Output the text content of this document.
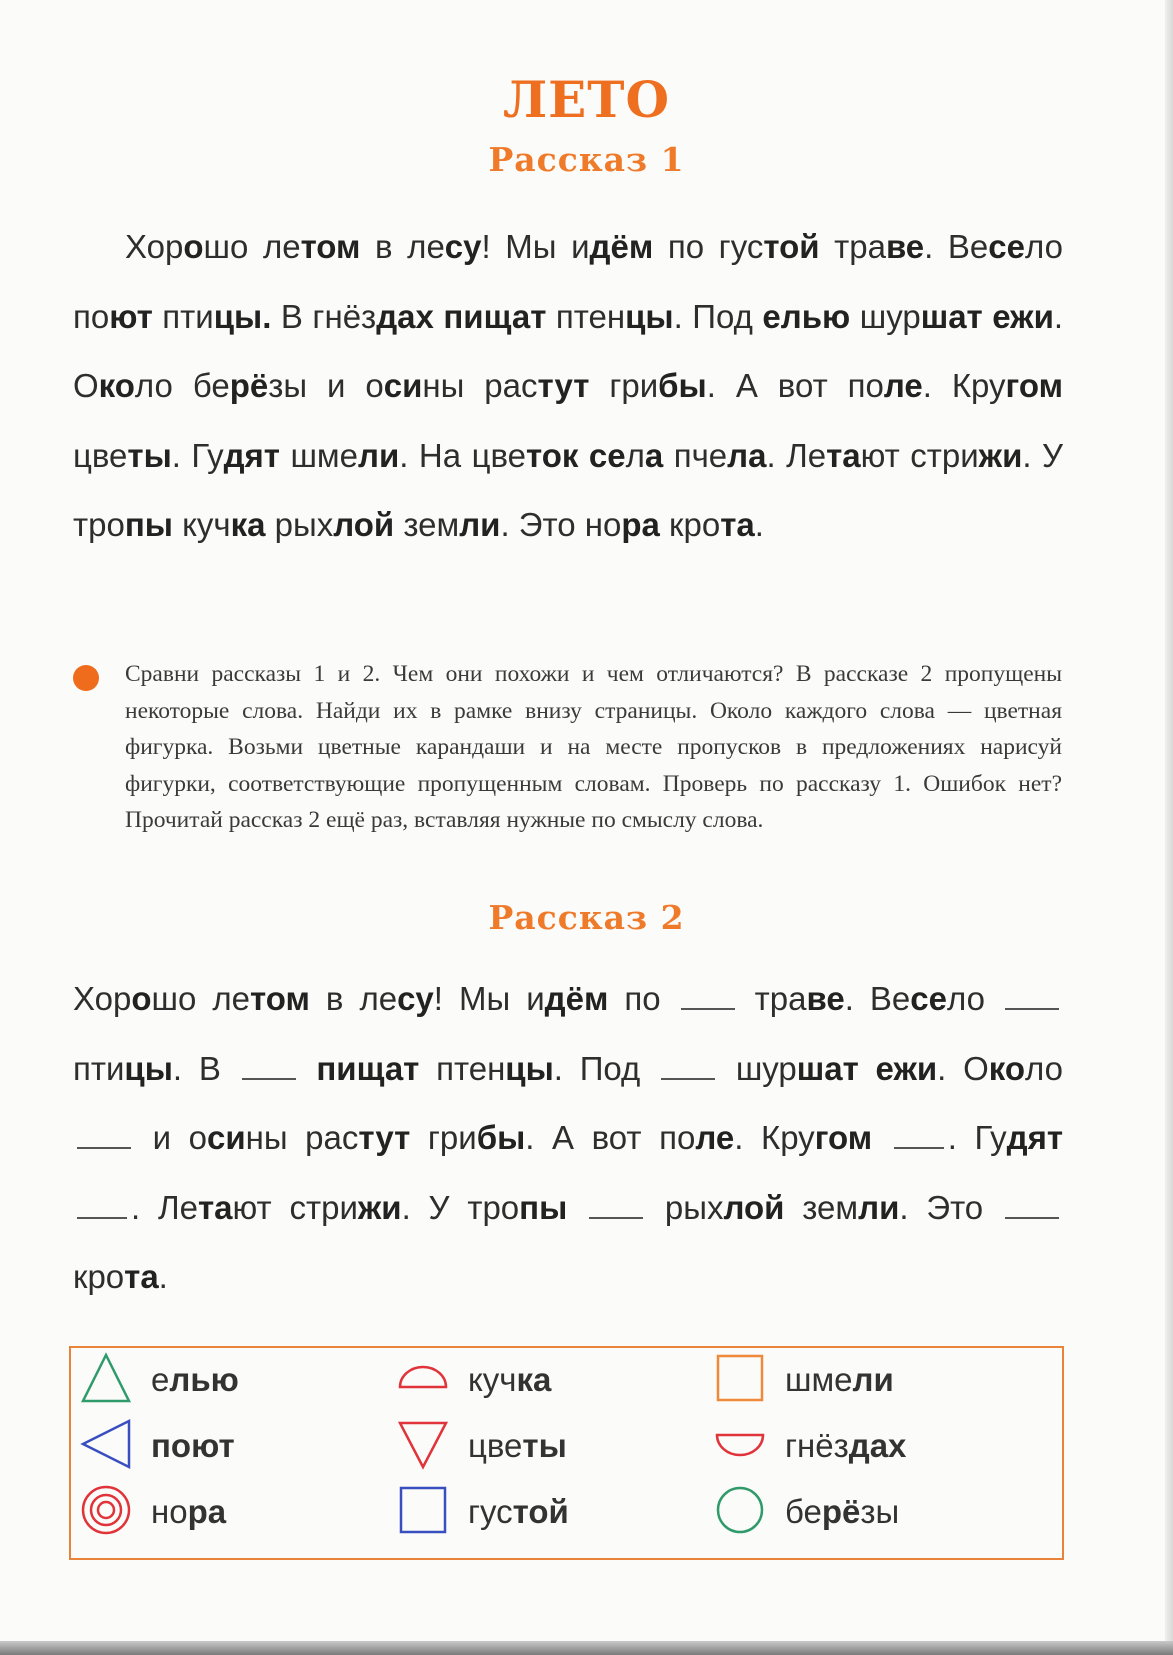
ЛЕТО
Рассказ 1
Хорошо летом в лесу! Мы идём по густой траве. Весело поют птицы. В гнёздах пищат птенцы. Под елью шуршат ежи. Около берёзы и осины растут грибы. А вот поле. Кругом цветы. Гудят шмели. На цветок села пчела. Летают стрижи. У тропы кучка рыхлой земли. Это нора крота.
Сравни рассказы 1 и 2. Чем они похожи и чем отличаются? В рассказе 2 пропущены некоторые слова. Найди их в рамке внизу страницы. Около каждого слова — цветная фигурка. Возьми цветные карандаши и на месте пропусков в предложениях нарисуй фигурки, соответствующие пропущенным словам. Проверь по рассказу 1. Ошибок нет? Прочитай рассказ 2 ещё раз, вставляя нужные по смыслу слова.
Рассказ 2
Хорошо летом в лесу! Мы идём по  траве. Весело  птицы. В  пищат птенцы. Под  шуршат ежи. Около  и осины растут грибы. А вот поле. Кругом . Гудят . Летают стрижи. У тропы  рыхлой земли. Это  крота.
елью
поют
нора
кучка
цветы
густой
шмели
гнёздах
берёзы
